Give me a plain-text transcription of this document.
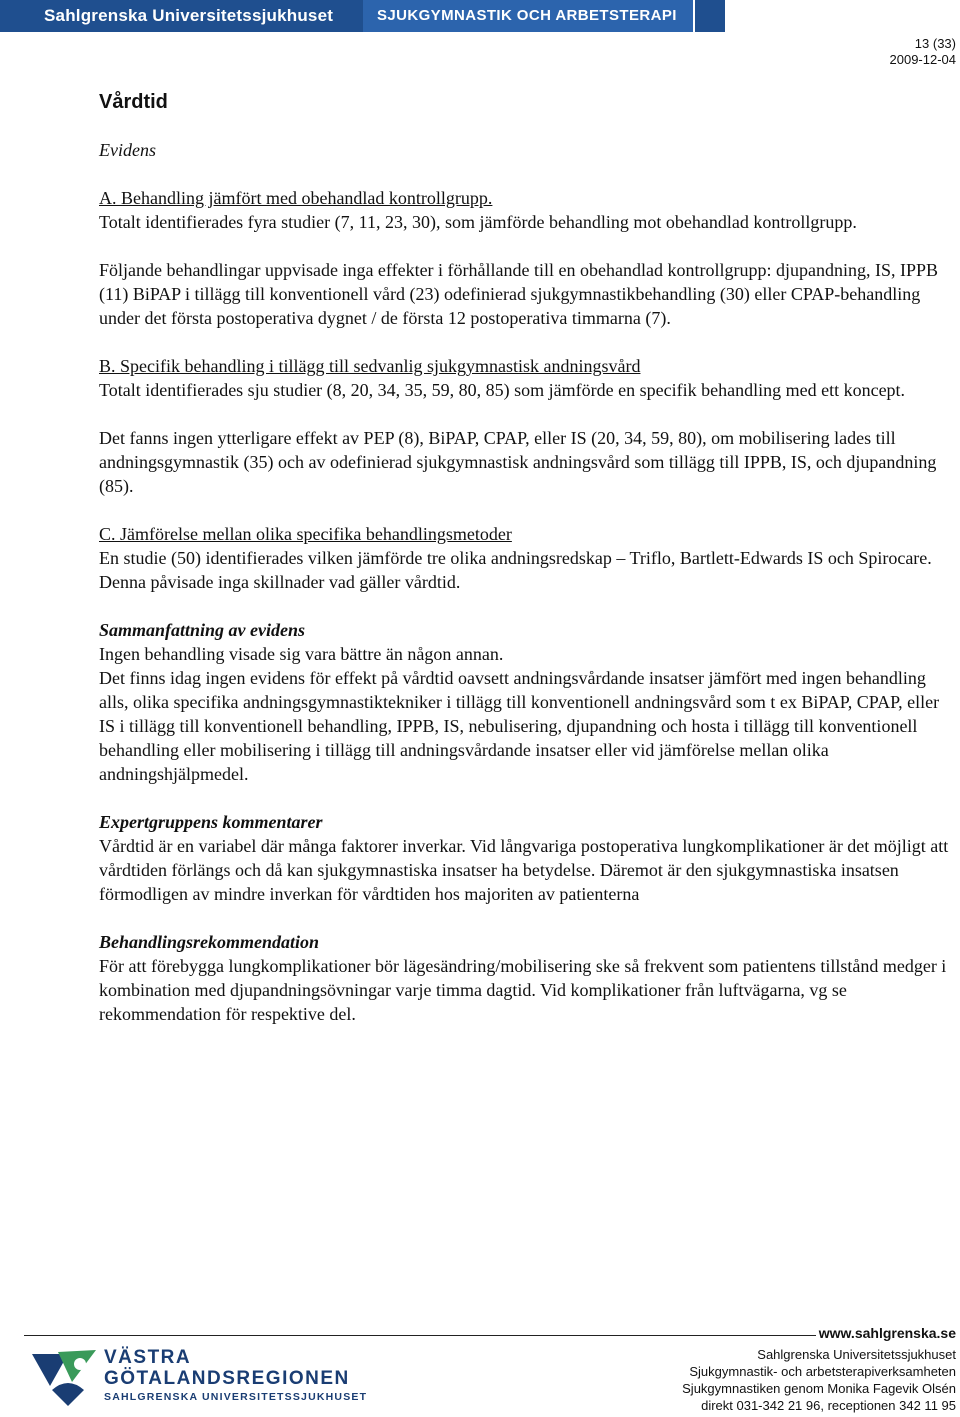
Sahlgrenska Universitetssjukhuset	SJUKGYMNASTIK OCH ARBETSTERAPI
13 (33)
2009-12-04

Vårdtid

Evidens

A. Behandling jämfört med obehandlad kontrollgrupp.

Totalt identifierades fyra studier (7, 11, 23, 30), som jämförde behandling mot obehandlad kontrollgrupp.

Följande behandlingar uppvisade inga effekter i förhållande till en obehandlad kontrollgrupp: djupandning, IS, IPPB (11) BiPAP i tillägg till konventionell vård (23) odefinierad sjukgymnastikbehandling (30) eller CPAP-behandling under det första postoperativa dygnet / de första 12 postoperativa timmarna (7).

B. Specifik behandling i tillägg till sedvanlig sjukgymnastisk andningsvård

Totalt identifierades sju studier (8, 20, 34, 35, 59, 80, 85) som jämförde en specifik behandling med ett koncept.

Det fanns ingen ytterligare effekt av PEP (8), BiPAP, CPAP, eller IS (20, 34, 59, 80), om mobilisering lades till andningsgymnastik (35) och av odefinierad sjukgymnastisk andningsvård som tillägg till IPPB, IS, och djupandning (85).

C. Jämförelse mellan olika specifika behandlingsmetoder

En studie (50) identifierades vilken jämförde tre olika andningsredskap – Triflo, Bartlett-Edwards IS och Spirocare. Denna påvisade inga skillnader vad gäller vårdtid.

Sammanfattning av evidens

Ingen behandling visade sig vara bättre än någon annan.

Det finns idag ingen evidens för effekt på vårdtid oavsett andningsvårdande insatser jämfört med ingen behandling alls, olika specifika andningsgymnastiktekniker i tillägg till konventionell andningsvård som t ex BiPAP, CPAP, eller IS i tillägg till konventionell behandling, IPPB, IS, nebulisering, djupandning och hosta i tillägg till konventionell behandling eller mobilisering i tillägg till andningsvårdande insatser eller vid jämförelse mellan olika andningshjälpmedel.

Expertgruppens kommentarer

Vårdtid är en variabel där många faktorer inverkar. Vid långvariga postoperativa lungkomplikationer är det möjligt att vårdtiden förlängs och då kan sjukgymnastiska insatser ha betydelse. Däremot är den sjukgymnastiska insatsen förmodligen av mindre inverkan för vårdtiden hos majoriten av patienterna

Behandlingsrekommendation

För att förebygga lungkomplikationer bör lägesändring/mobilisering ske så frekvent som patientens tillstånd medger i kombination med djupandningsövningar varje timma dagtid. Vid komplikationer från luftvägarna, vg se rekommendation för respektive del.

www.sahlgrenska.se
VÄSTRA
GÖTALANDSREGIONEN
SAHLGRENSKA UNIVERSITETSSJUKHUSET
Sahlgrenska Universitetssjukhuset
Sjukgymnastik- och arbetsterapiverksamheten
Sjukgymnastiken genom Monika Fagevik Olsén
direkt 031-342 21 96, receptionen 342 11 95
